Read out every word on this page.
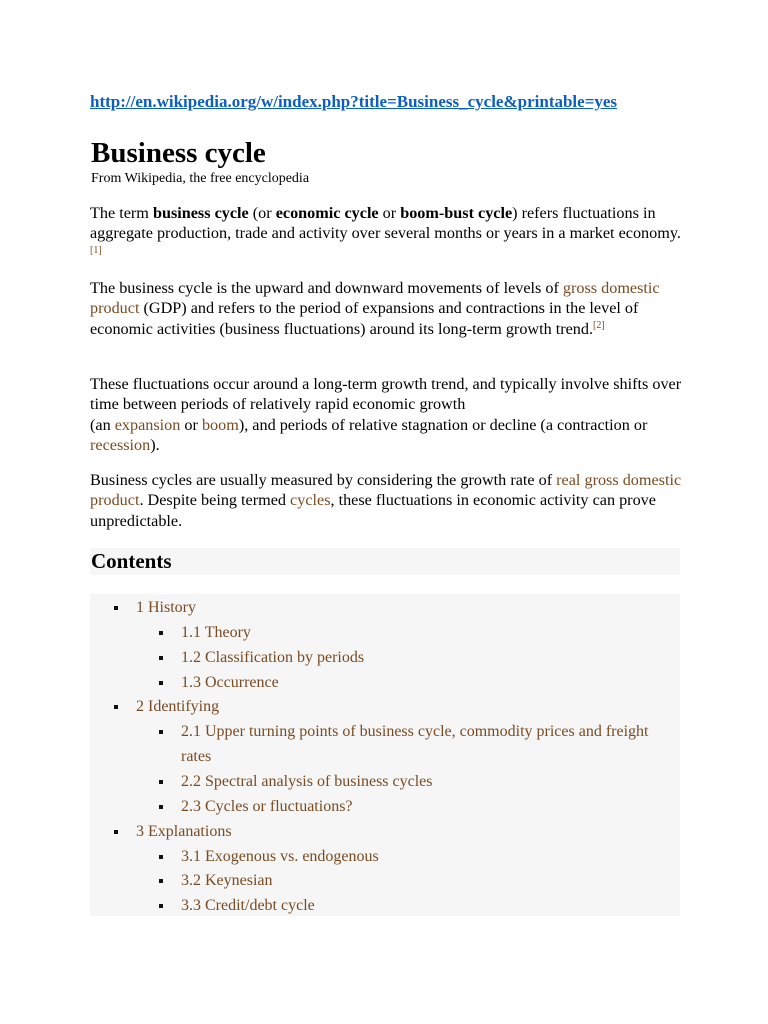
http://en.wikipedia.org/w/index.php?title=Business_cycle&printable=yes
Business cycle
From Wikipedia, the free encyclopedia

The term business cycle (or economic cycle or boom-bust cycle) refers fluctuations in aggregate production, trade and activity over several months or years in a market economy.[1]

The business cycle is the upward and downward movements of levels of gross domestic product (GDP) and refers to the period of expansions and contractions in the level of economic activities (business fluctuations) around its long-term growth trend.[2]

These fluctuations occur around a long-term growth trend, and typically involve shifts over time between periods of relatively rapid economic growth
(an expansion or boom), and periods of relative stagnation or decline (a contraction or recession).

Business cycles are usually measured by considering the growth rate of real gross domestic product. Despite being termed cycles, these fluctuations in economic activity can prove unpredictable.

Contents
1 History
1.1 Theory
1.2 Classification by periods
1.3 Occurrence
2 Identifying
2.1 Upper turning points of business cycle, commodity prices and freight
rates
2.2 Spectral analysis of business cycles
2.3 Cycles or fluctuations?
3 Explanations
3.1 Exogenous vs. endogenous
3.2 Keynesian
3.3 Credit/debt cycle
